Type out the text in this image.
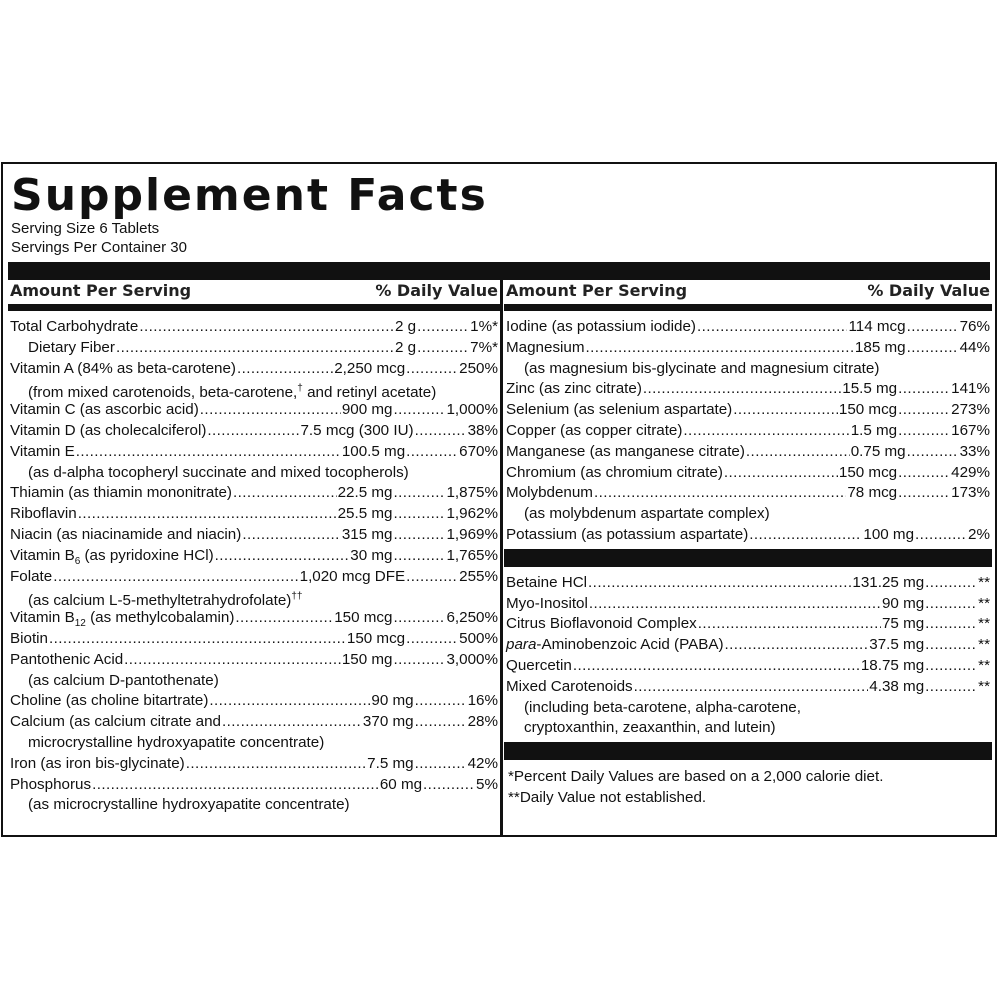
Supplement Facts
Serving Size 6 Tablets
Servings Per Container 30
Amount Per Serving	% Daily Value
Total Carbohydrate . . .	2 g . . .	1%*
Dietary Fiber . . .	2 g . . .	7%*
Vitamin A (84% as beta-carotene) . . .	2,250 mcg . . .	250%
(from mixed carotenoids, beta-carotene,† and retinyl acetate)
Vitamin C (as ascorbic acid) . . .	900 mg . . .	1,000%
Vitamin D (as cholecalciferol) . . .	7.5 mcg (300 IU) . . .	38%
Vitamin E . . .	100.5 mg . . .	670%
(as d-alpha tocopheryl succinate and mixed tocopherols)
Thiamin (as thiamin mononitrate) . . .	22.5 mg . . .	1,875%
Riboflavin . . .	25.5 mg . . .	1,962%
Niacin (as niacinamide and niacin) . . .	315 mg . . .	1,969%
Vitamin $B_6$ (as pyridoxine HCl) . . .	30 mg . . .	1,765%
Folate . . .	1,020 mcg DFE . . .	255%
(as calcium L-5-methyltetrahydrofolate)††
Vitamin $B_{12}$ (as methylcobalamin) . . .	150 mcg . . .	6,250%
Biotin . . .	150 mcg . . .	500%
Pantothenic Acid . . .	150 mg . . .	3,000%
(as calcium D-pantothenate)
Choline (as choline bitartrate) . . .	90 mg . . .	16%
Calcium (as calcium citrate and . . .	370 mg . . .	28%
microcrystalline hydroxyapatite concentrate)
Iron (as iron bis-glycinate) . . .	7.5 mg . . .	42%
Phosphorus . . .	60 mg . . .	5%
(as microcrystalline hydroxyapatite concentrate)
Amount Per Serving	% Daily Value
Iodine (as potassium iodide) . . .	114 mcg . . .	76%
Magnesium . . .	185 mg . . .	44%
(as magnesium bis-glycinate and magnesium citrate)
Zinc (as zinc citrate) . . .	15.5 mg . . .	141%
Selenium (as selenium aspartate) . . .	150 mcg . . .	273%
Copper (as copper citrate) . . .	1.5 mg . . .	167%
Manganese (as manganese citrate) . . .	0.75 mg . . .	33%
Chromium (as chromium citrate) . . .	150 mcg . . .	429%
Molybdenum . . .	78 mcg . . .	173%
(as molybdenum aspartate complex)
Potassium (as potassium aspartate) . . .	100 mg . . .	2%
Betaine HCl . . .	131.25 mg . . .	**
Myo-Inositol . . .	90 mg . . .	**
Citrus Bioflavonoid Complex . . .	75 mg . . .	**
para-Aminobenzoic Acid (PABA) . . .	37.5 mg . . .	**
Quercetin . . .	18.75 mg . . .	**
Mixed Carotenoids . . .	4.38 mg . . .	**
(including beta-carotene, alpha-carotene,
cryptoxanthin, zeaxanthin, and lutein)
*Percent Daily Values are based on a 2,000 calorie diet.
**Daily Value not established.
